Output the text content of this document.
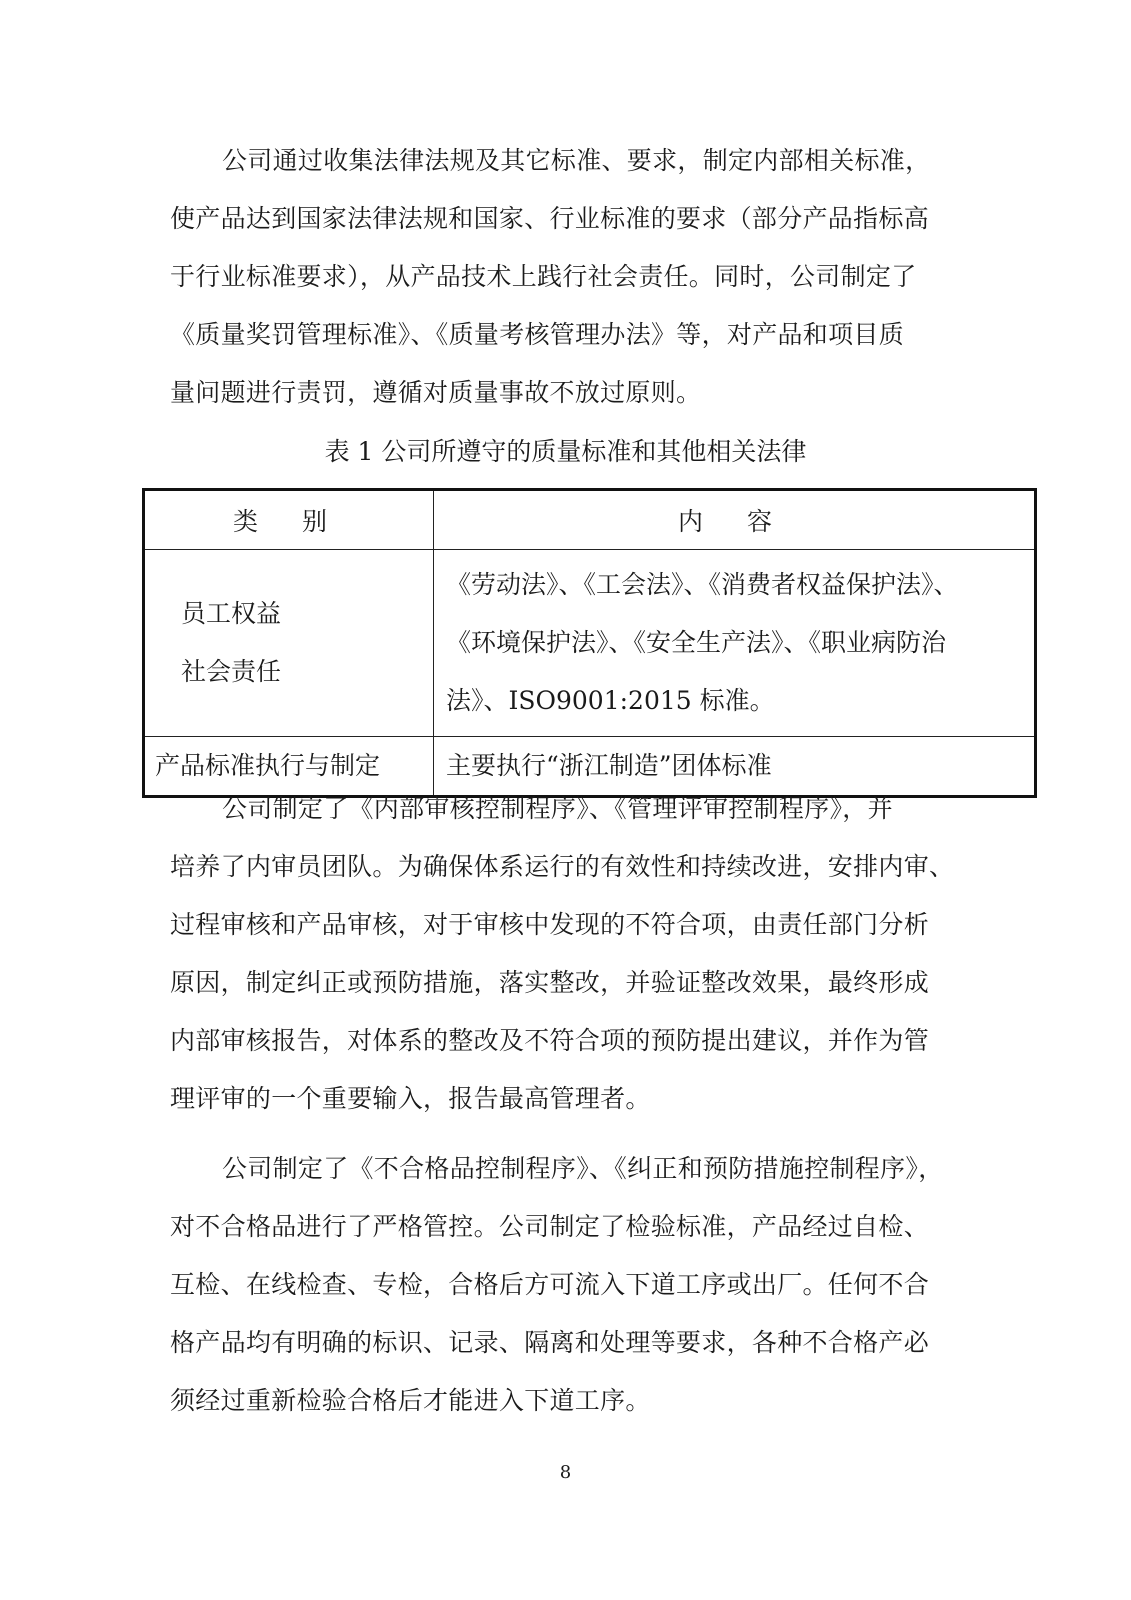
公司通过收集法律法规及其它标准、要求，制定内部相关标准，
使产品达到国家法律法规和国家、行业标准的要求（部分产品指标高
于行业标准要求），从产品技术上践行社会责任。同时，公司制定了
《质量奖罚管理标准》、《质量考核管理办法》等，对产品和项目质
量问题进行责罚，遵循对质量事故不放过原则。
表 1 公司所遵守的质量标准和其他相关法律
类 别	内 容

员工权益
社会责任	《劳动法》、《工会法》、《消费者权益保护法》、
《环境保护法》、《安全生产法》、《职业病防治
法》、ISO9001:2015 标准。

产品标准执行与制定	主要执行“浙江制造”团体标准
公司制定了《内部审核控制程序》、《管理评审控制程序》，并
培养了内审员团队。为确保体系运行的有效性和持续改进，安排内审、
过程审核和产品审核，对于审核中发现的不符合项，由责任部门分析
原因，制定纠正或预防措施，落实整改，并验证整改效果，最终形成
内部审核报告，对体系的整改及不符合项的预防提出建议，并作为管
理评审的一个重要输入，报告最高管理者。
公司制定了《不合格品控制程序》、《纠正和预防措施控制程序》，
对不合格品进行了严格管控。公司制定了检验标准，产品经过自检、
互检、在线检查、专检，合格后方可流入下道工序或出厂。任何不合
格产品均有明确的标识、记录、隔离和处理等要求，各种不合格产必
须经过重新检验合格后才能进入下道工序。
8
